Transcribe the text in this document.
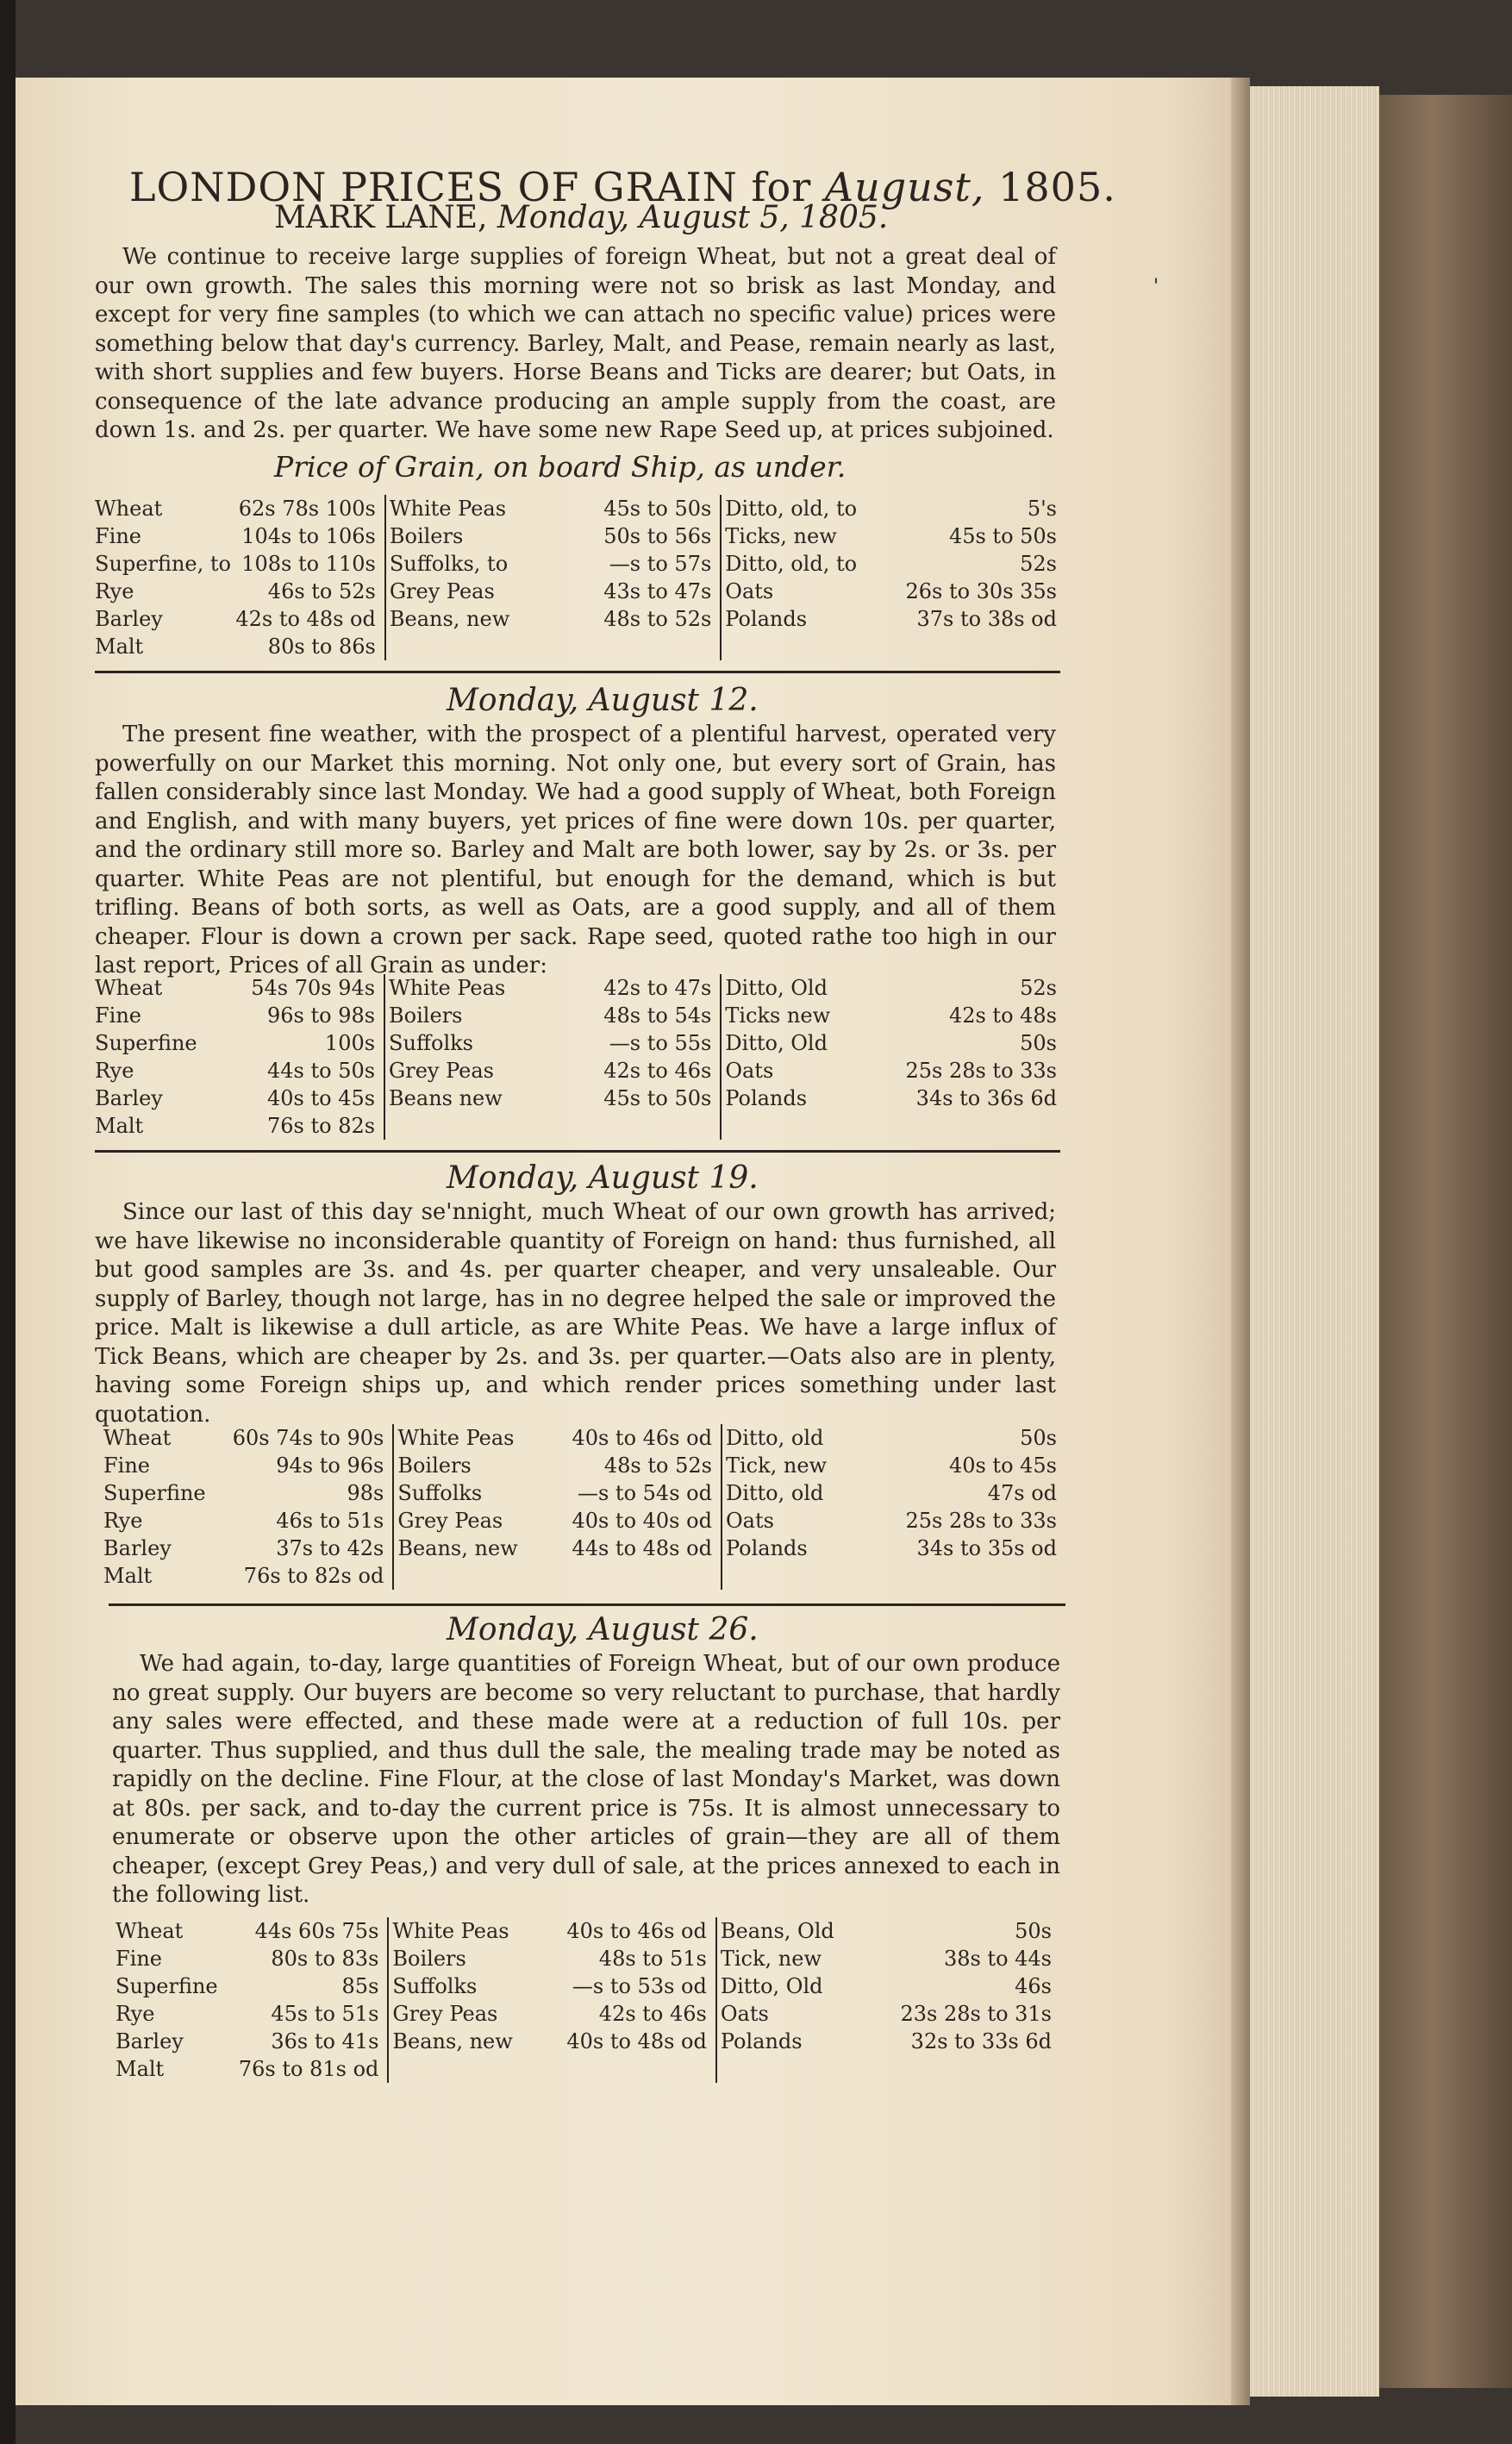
LONDON PRICES OF GRAIN for August, 1805.
'
MARK LANE, Monday, August 5, 1805.

We continue to receive large supplies of foreign Wheat, but not a great deal of our own growth. The sales this morning were not so brisk as last Monday, and except for very fine samples (to which we can attach no specific value) prices were something below that day's currency. Barley, Malt, and Pease, remain nearly as last, with short supplies and few buyers. Horse Beans and Ticks are dearer; but Oats, in consequence of the late advance producing an ample supply from the coast, are down 1s. and 2s. per quarter. We have some new Rape Seed up, at prices subjoined.

Price of Grain, on board Ship, as under.
Wheat	62s 78s 100s
Fine	104s to 106s
Superfine, to	108s to 110s
Rye	46s to 52s
Barley	42s to 48s od
Malt	80s to 86s

White Peas	45s to 50s
Boilers	50s to 56s
Suffolks, to	—s to 57s
Grey Peas	43s to 47s
Beans, new	48s to 52s

Ditto, old, to	5's
Ticks, new	45s to 50s
Ditto, old, to	52s
Oats	26s to 30s 35s
Polands	37s to 38s od
Monday, August 12.

The present fine weather, with the prospect of a plentiful harvest, operated very powerfully on our Market this morning. Not only one, but every sort of Grain, has fallen considerably since last Monday. We had a good supply of Wheat, both Foreign and English, and with many buyers, yet prices of fine were down 10s. per quarter, and the ordinary still more so. Barley and Malt are both lower, say by 2s. or 3s. per quarter. White Peas are not plentiful, but enough for the demand, which is but trifling. Beans of both sorts, as well as Oats, are a good supply, and all of them cheaper. Flour is down a crown per sack. Rape seed, quoted rathe too high in our last report, Prices of all Grain as under:

Wheat	54s 70s 94s
Fine	96s to 98s
Superfine	100s
Rye	44s to 50s
Barley	40s to 45s
Malt	76s to 82s

White Peas	42s to 47s
Boilers	48s to 54s
Suffolks	—s to 55s
Grey Peas	42s to 46s
Beans new	45s to 50s

Ditto, Old	52s
Ticks new	42s to 48s
Ditto, Old	50s
Oats	25s 28s to 33s
Polands	34s to 36s 6d
Monday, August 19.

Since our last of this day se'nnight, much Wheat of our own growth has arrived; we have likewise no inconsiderable quantity of Foreign on hand: thus furnished, all but good samples are 3s. and 4s. per quarter cheaper, and very unsaleable. Our supply of Barley, though not large, has in no degree helped the sale or improved the price. Malt is likewise a dull article, as are White Peas. We have a large influx of Tick Beans, which are cheaper by 2s. and 3s. per quarter.—Oats also are in plenty, having some Foreign ships up, and which render prices something under last quotation.

Wheat	60s 74s to 90s
Fine	94s to 96s
Superfine	98s
Rye	46s to 51s
Barley	37s to 42s
Malt	76s to 82s od

White Peas	40s to 46s od
Boilers	48s to 52s
Suffolks	—s to 54s od
Grey Peas	40s to 40s od
Beans, new	44s to 48s od

Ditto, old	50s
Tick, new	40s to 45s
Ditto, old	47s od
Oats	25s 28s to 33s
Polands	34s to 35s od
Monday, August 26.

We had again, to-day, large quantities of Foreign Wheat, but of our own produce no great supply. Our buyers are become so very reluctant to purchase, that hardly any sales were effected, and these made were at a reduction of full 10s. per quarter. Thus supplied, and thus dull the sale, the mealing trade may be noted as rapidly on the decline. Fine Flour, at the close of last Monday's Market, was down at 80s. per sack, and to-day the current price is 75s. It is almost unnecessary to enumerate or observe upon the other articles of grain—they are all of them cheaper, (except Grey Peas,) and very dull of sale, at the prices annexed to each in the following list.

Wheat	44s 60s 75s
Fine	80s to 83s
Superfine	85s
Rye	45s to 51s
Barley	36s to 41s
Malt	76s to 81s od

White Peas	40s to 46s od
Boilers	48s to 51s
Suffolks	—s to 53s od
Grey Peas	42s to 46s
Beans, new	40s to 48s od

Beans, Old	50s
Tick, new	38s to 44s
Ditto, Old	46s
Oats	23s 28s to 31s
Polands	32s to 33s 6d
